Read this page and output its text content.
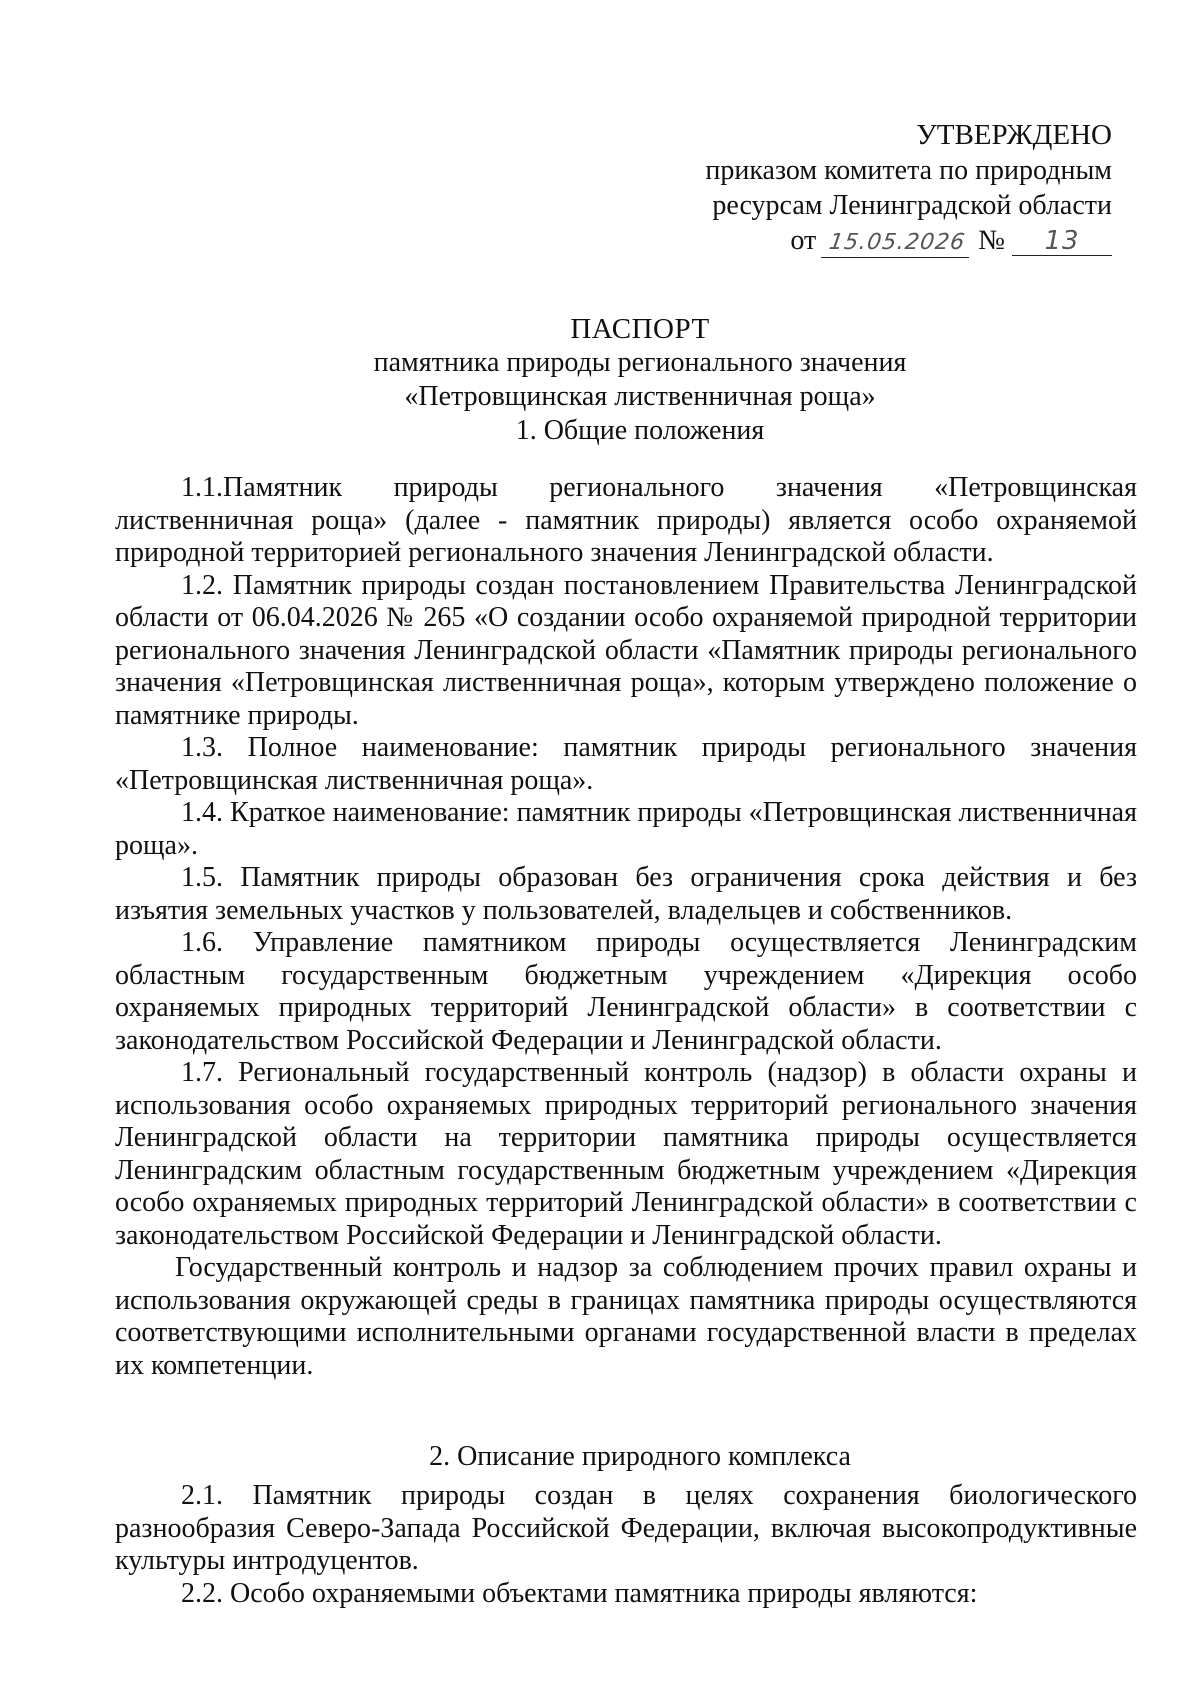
УТВЕРЖДЕНО
приказом комитета по природным
ресурсам Ленинградской области
от 15.05.2026 № 13
ПАСПОРТ
памятника природы регионального значения
«Петровщинская лиственничная роща»
1. Общие положения

1.1.Памятник природы регионального значения «Петровщинская лиственничная роща» (далее - памятник природы) является особо охраняемой природной территорией регионального значения Ленинградской области.

1.2. Памятник природы создан постановлением Правительства Ленинградской области от 06.04.2026 № 265 «О создании особо охраняемой природной территории регионального значения Ленинградской области «Памятник природы регионального значения «Петровщинская лиственничная роща», которым утверждено положение о памятнике природы.

1.3. Полное наименование: памятник природы регионального значения «Петровщинская лиственничная роща».

1.4. Краткое наименование: памятник природы «Петровщинская лиственничная роща».

1.5. Памятник природы образован без ограничения срока действия и без изъятия земельных участков у пользователей, владельцев и собственников.

1.6. Управление памятником природы осуществляется Ленинградским областным государственным бюджетным учреждением «Дирекция особо охраняемых природных территорий Ленинградской области» в соответствии с законодательством Российской Федерации и Ленинградской области.

1.7. Региональный государственный контроль (надзор) в области охраны и использования особо охраняемых природных территорий регионального значения Ленинградской области на территории памятника природы осуществляется Ленинградским областным государственным бюджетным учреждением «Дирекция особо охраняемых природных территорий Ленинградской области» в соответствии с законодательством Российской Федерации и Ленинградской области.

Государственный контроль и надзор за соблюдением прочих правил охраны и использования окружающей среды в границах памятника природы осуществляются соответствующими исполнительными органами государственной власти в пределах их компетенции.

2. Описание природного комплекса

2.1. Памятник природы создан в целях сохранения биологического разнообразия Северо-Запада Российской Федерации, включая высокопродуктивные культуры интродуцентов.

2.2. Особо охраняемыми объектами памятника природы являются:
